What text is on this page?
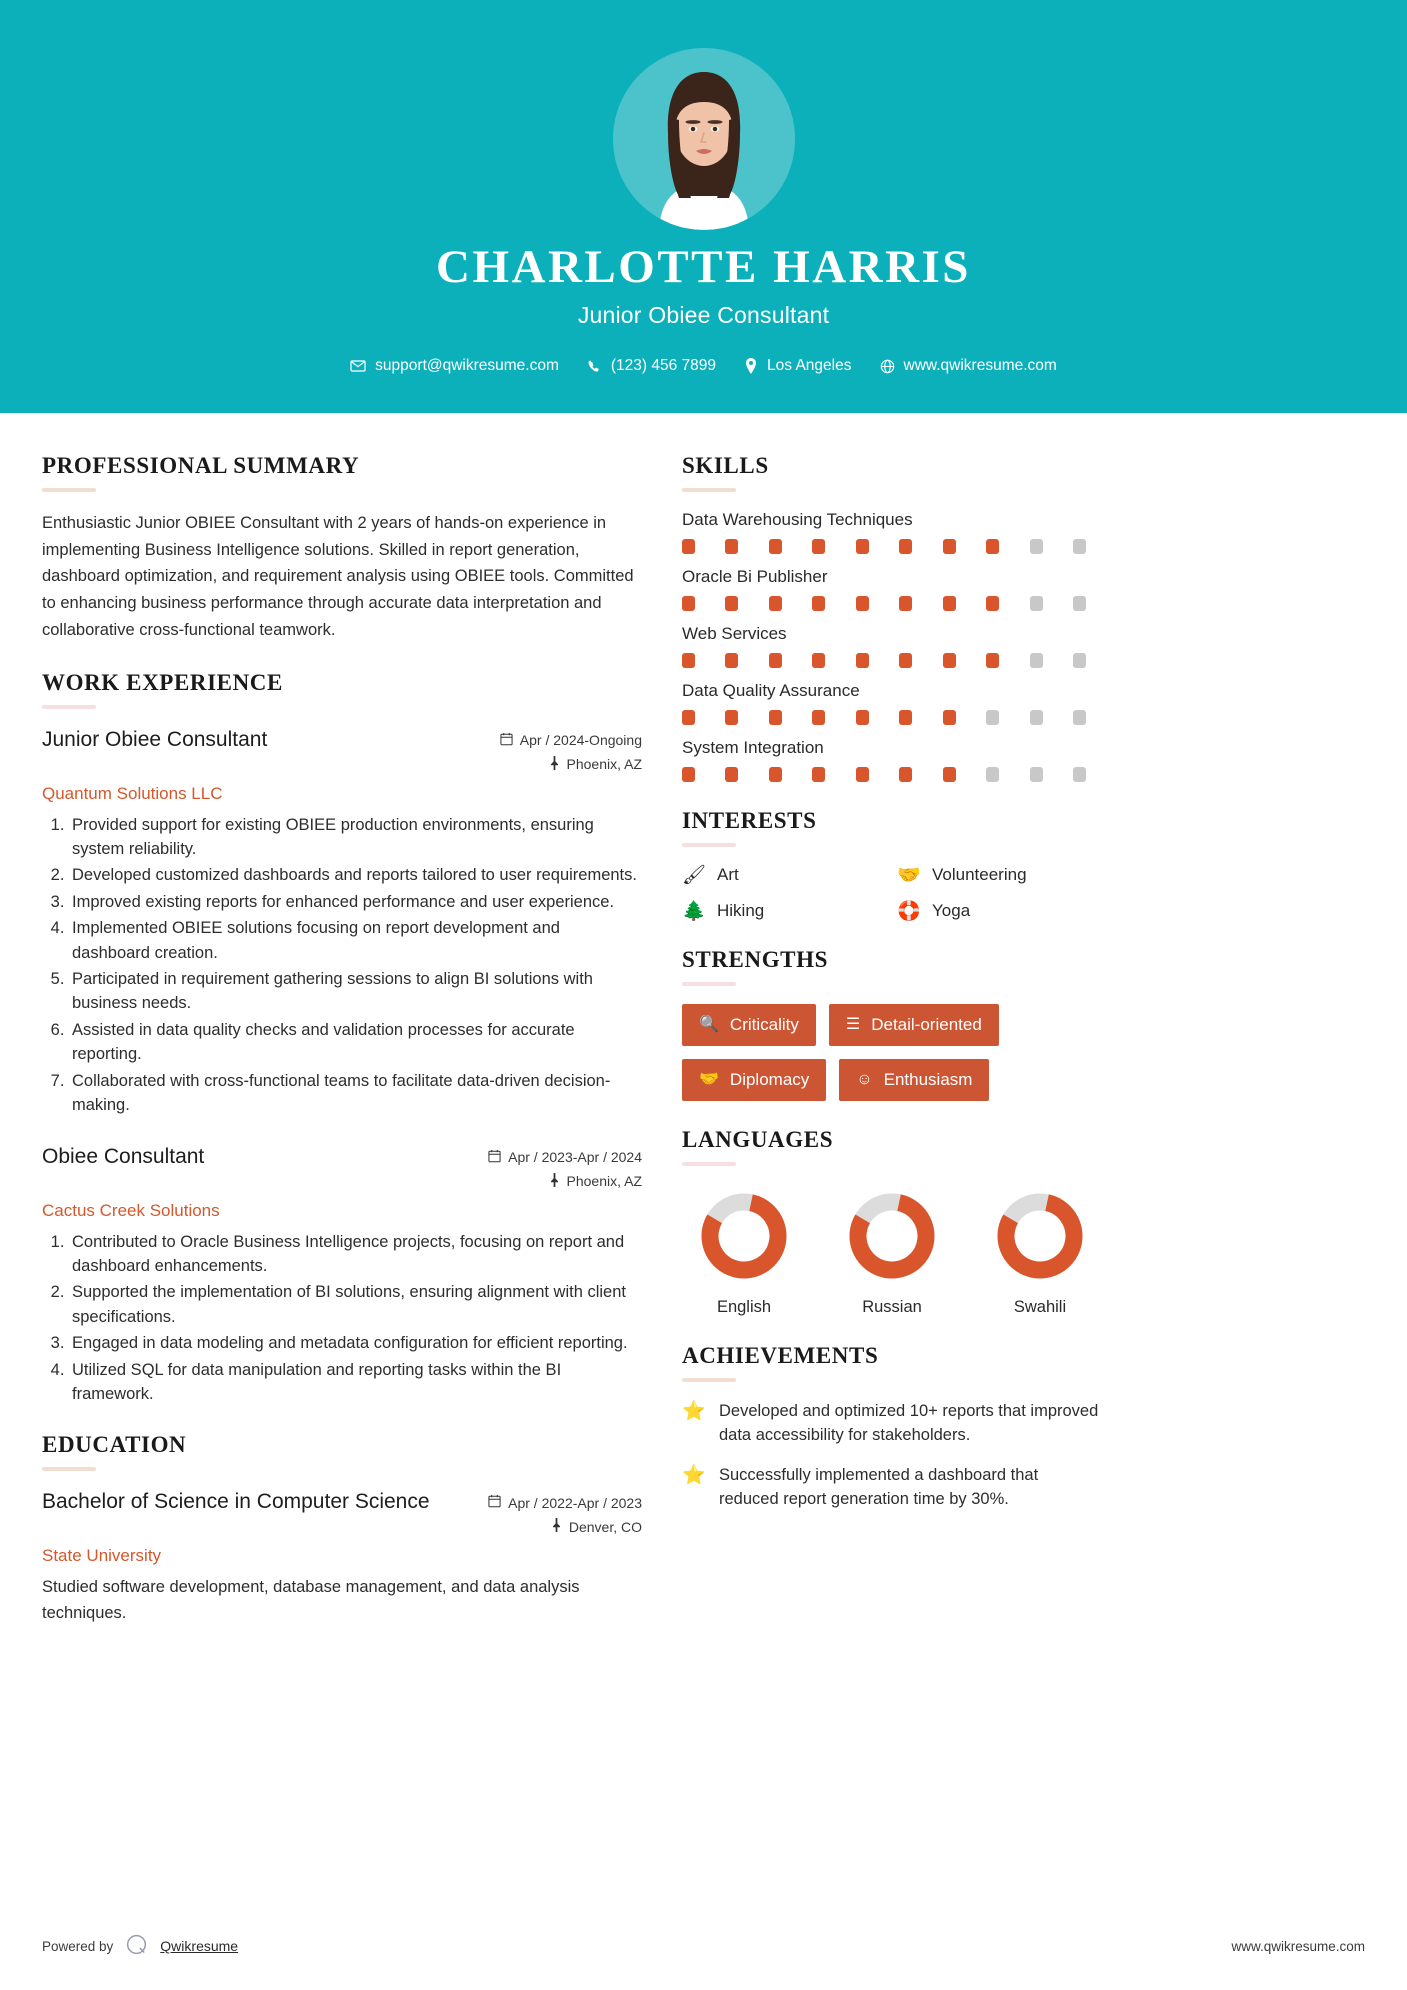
CHARLOTTE HARRIS
Junior Obiee Consultant
support@qwikresume.com	(123) 456 7899	Los Angeles	www.qwikresume.com
PROFESSIONAL SUMMARY
Enthusiastic Junior OBIEE Consultant with 2 years of hands-on experience in implementing Business Intelligence solutions. Skilled in report generation, dashboard optimization, and requirement analysis using OBIEE tools. Committed to enhancing business performance through accurate data interpretation and collaborative cross-functional teamwork.
WORK EXPERIENCE
Junior Obiee Consultant	Apr / 2024-Ongoing
Phoenix, AZ
Quantum Solutions LLC
1. Provided support for existing OBIEE production environments, ensuring system reliability.
2. Developed customized dashboards and reports tailored to user requirements.
3. Improved existing reports for enhanced performance and user experience.
4. Implemented OBIEE solutions focusing on report development and dashboard creation.
5. Participated in requirement gathering sessions to align BI solutions with business needs.
6. Assisted in data quality checks and validation processes for accurate reporting.
7. Collaborated with cross-functional teams to facilitate data-driven decision-making.
Obiee Consultant	Apr / 2023-Apr / 2024
Phoenix, AZ
Cactus Creek Solutions
1. Contributed to Oracle Business Intelligence projects, focusing on report and dashboard enhancements.
2. Supported the implementation of BI solutions, ensuring alignment with client specifications.
3. Engaged in data modeling and metadata configuration for efficient reporting.
4. Utilized SQL for data manipulation and reporting tasks within the BI framework.
EDUCATION
Bachelor of Science in Computer Science	Apr / 2022-Apr / 2023
Denver, CO
State University
Studied software development, database management, and data analysis techniques.
SKILLS
Data Warehousing Techniques
Oracle Bi Publisher
Web Services
Data Quality Assurance
System Integration
INTERESTS
🖌 Art	🤝 Volunteering
🌲 Hiking	🛟 Yoga
STRENGTHS
🔍 Criticality	☰ Detail-oriented
🤝 Diplomacy	☺ Enthusiasm
LANGUAGES
English	Russian	Swahili
ACHIEVEMENTS
⭐ Developed and optimized 10+ reports that improved data accessibility for stakeholders.
⭐ Successfully implemented a dashboard that reduced report generation time by 30%.
Powered by	Qwikresume	www.qwikresume.com
